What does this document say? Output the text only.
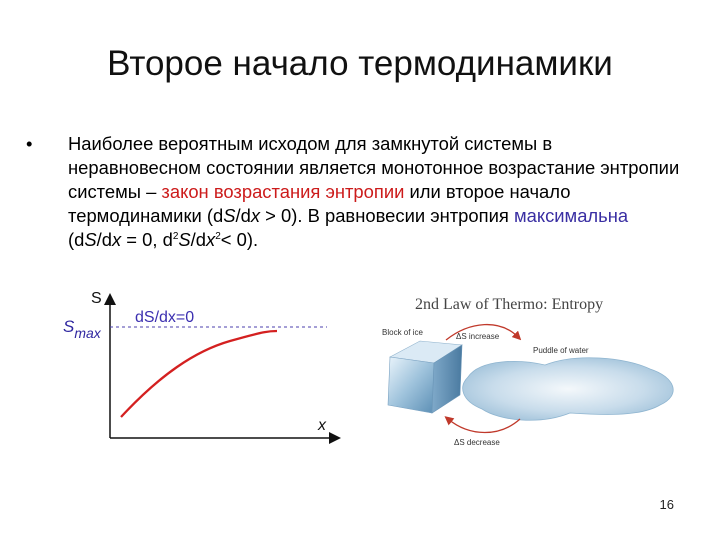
Второе начало термодинамики
• Наиболее вероятным исходом для замкнутой системы в неравновесном состоянии является монотонное возрастание энтропии системы – закон возрастания энтропии или второе начало термодинамики (dS/dx > 0). В равновесии энтропия максимальна (dS/dx = 0, $d^2S/dx^2< 0$).
S
x
$S_{max}$
dS/dx=0
2nd Law of Thermo: Entropy
Block of ice	ΔS increase
Puddle of water
ΔS decrease
16
